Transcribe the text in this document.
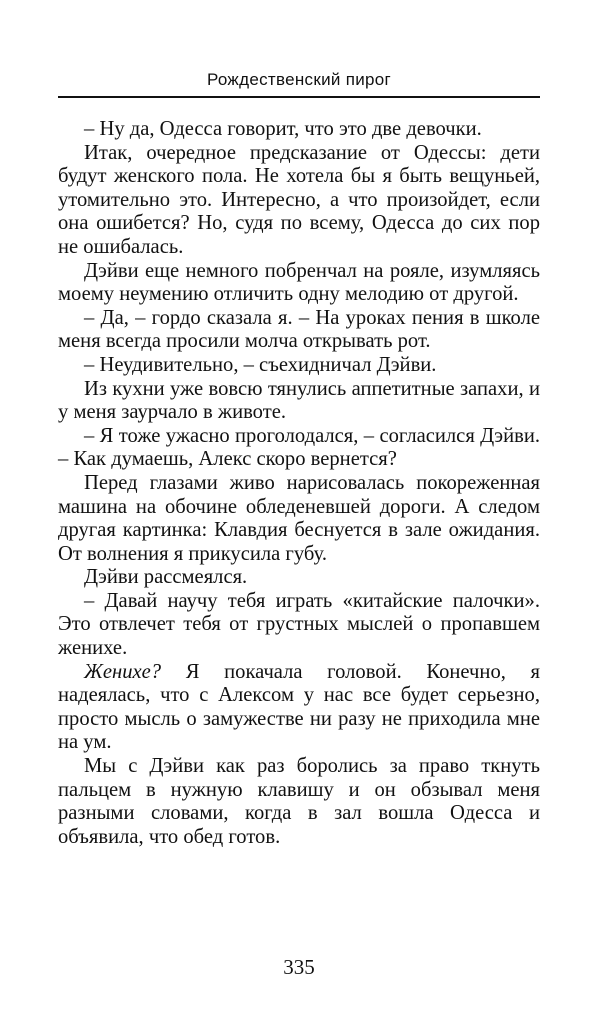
Рождественский пирог

– Ну да, Одесса говорит, что это две девочки.

Итак, очередное предсказание от Одессы: дети будут женского пола. Не хотела бы я быть вещуньей, утомительно это. Интересно, а что произойдет, если она ошибется? Но, судя по всему, Одесса до сих пор не ошибалась.

Дэйви еще немного побренчал на рояле, изумляясь моему неумению отличить одну мелодию от другой.

– Да, – гордо сказала я. – На уроках пения в школе меня всегда просили молча открывать рот.

– Неудивительно, – съехидничал Дэйви.

Из кухни уже вовсю тянулись аппетитные запахи, и у меня заурчало в животе.

– Я тоже ужасно проголодался, – согласился Дэйви. – Как думаешь, Алекс скоро вернется?

Перед глазами живо нарисовалась покореженная машина на обочине обледеневшей дороги. А следом другая картинка: Клавдия беснуется в зале ожидания. От волнения я прикусила губу.

Дэйви рассмеялся.

– Давай научу тебя играть «китайские палочки». Это отвлечет тебя от грустных мыслей о пропавшем женихе.

Женихе? Я покачала головой. Конечно, я надеялась, что с Алексом у нас все будет серьезно, просто мысль о замужестве ни разу не приходила мне на ум.

Мы с Дэйви как раз боролись за право ткнуть пальцем в нужную клавишу и он обзывал меня разными словами, когда в зал вошла Одесса и объявила, что обед готов.

335
